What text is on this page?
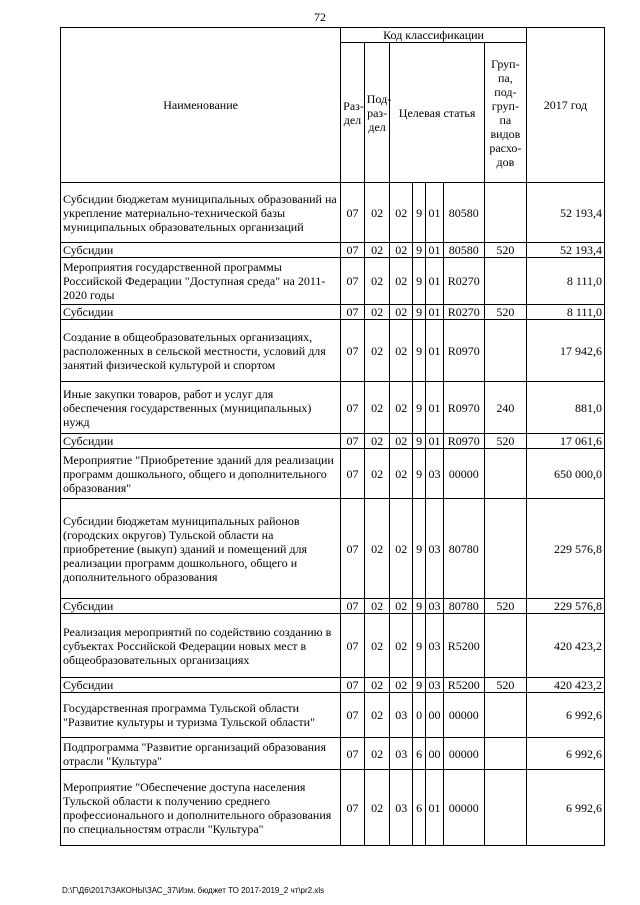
72
Наименование	Код классификации							2017 год
	Раз-дел	Под-раз-дел	Целевая статья				Груп-па, под-груп-па видов расхо-дов	
Субсидии бюджетам муниципальных образований на укрепление материально-технической базы муниципальных образовательных организаций	07	02	02	9	01	80580		52 193,4
Субсидии	07	02	02	9	01	80580	520	52 193,4
Мероприятия государственной программы Российской Федерации "Доступная среда" на 2011-2020 годы	07	02	02	9	01	R0270		8 111,0
Субсидии	07	02	02	9	01	R0270	520	8 111,0
Создание в общеобразовательных организациях, расположенных в сельской местности, условий для занятий физической культурой и спортом	07	02	02	9	01	R0970		17 942,6
Иные закупки товаров, работ и услуг для обеспечения государственных (муниципальных) нужд	07	02	02	9	01	R0970	240	881,0
Субсидии	07	02	02	9	01	R0970	520	17 061,6
Мероприятие "Приобретение зданий для реализации программ дошкольного, общего и дополнительного образования"	07	02	02	9	03	00000		650 000,0
Субсидии бюджетам муниципальных районов (городских округов) Тульской области на приобретение (выкуп) зданий и помещений для реализации программ дошкольного, общего и дополнительного образования	07	02	02	9	03	80780		229 576,8
Субсидии	07	02	02	9	03	80780	520	229 576,8
Реализация мероприятий по содействию созданию в субъектах Российской Федерации новых мест в общеобразовательных организациях	07	02	02	9	03	R5200		420 423,2
Субсидии	07	02	02	9	03	R5200	520	420 423,2
Государственная программа Тульской области "Развитие культуры и туризма Тульской области"	07	02	03	0	00	00000		6 992,6
Подпрограмма "Развитие организаций образования отрасли "Культура"	07	02	03	6	00	00000		6 992,6
Мероприятие "Обеспечение доступа населения Тульской области к получению среднего профессионального и дополнительного образования по специальностям отрасли "Культура"	07	02	03	6	01	00000		6 992,6
D:\Г\Д6\2017\ЗАКОНЫ\ЗАС_37\Изм. бюджет ТО 2017-2019_2 чт\pr2.xls
